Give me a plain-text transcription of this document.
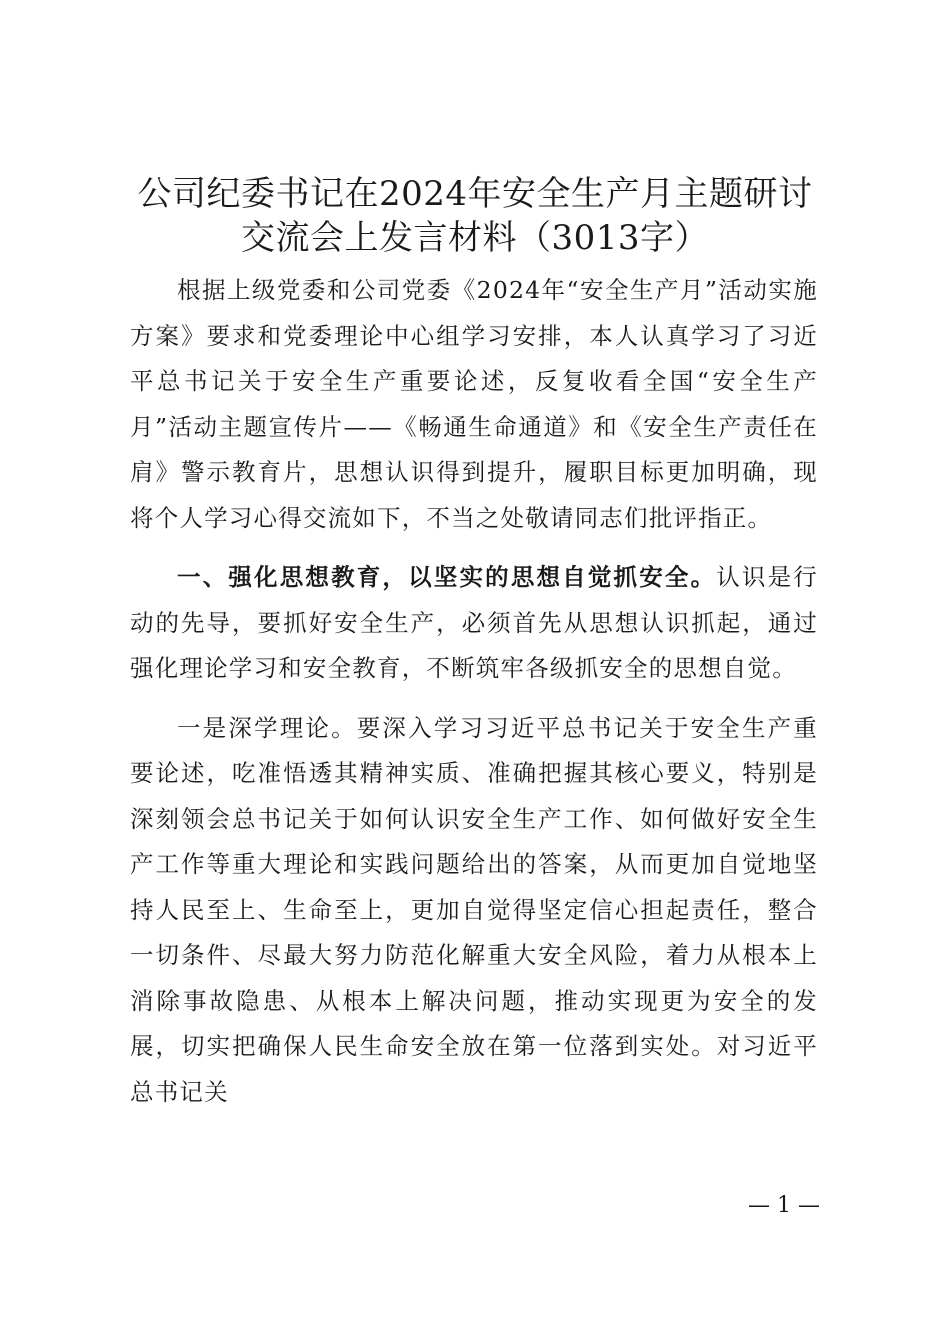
公司纪委书记在2024年安全生产月主题研讨
交流会上发言材料（3013字）

根据上级党委和公司党委《2024年“安全生产月”活动实施方案》要求和党委理论中心组学习安排，本人认真学习了习近平总书记关于安全生产重要论述，反复收看全国“安全生产月”活动主题宣传片——《畅通生命通道》和《安全生产责任在肩》警示教育片，思想认识得到提升，履职目标更加明确，现将个人学习心得交流如下，不当之处敬请同志们批评指正。

一、强化思想教育，以坚实的思想自觉抓安全。认识是行动的先导，要抓好安全生产，必须首先从思想认识抓起，通过强化理论学习和安全教育，不断筑牢各级抓安全的思想自觉。

一是深学理论。要深入学习习近平总书记关于安全生产重要论述，吃准悟透其精神实质、准确把握其核心要义，特别是深刻领会总书记关于如何认识安全生产工作、如何做好安全生产工作等重大理论和实践问题给出的答案，从而更加自觉地坚持人民至上、生命至上，更加自觉得坚定信心担起责任，整合一切条件、尽最大努力防范化解重大安全风险，着力从根本上消除事故隐患、从根本上解决问题，推动实现更为安全的发展，切实把确保人民生命安全放在第一位落到实处。对习近平总书记关

— 1 —
